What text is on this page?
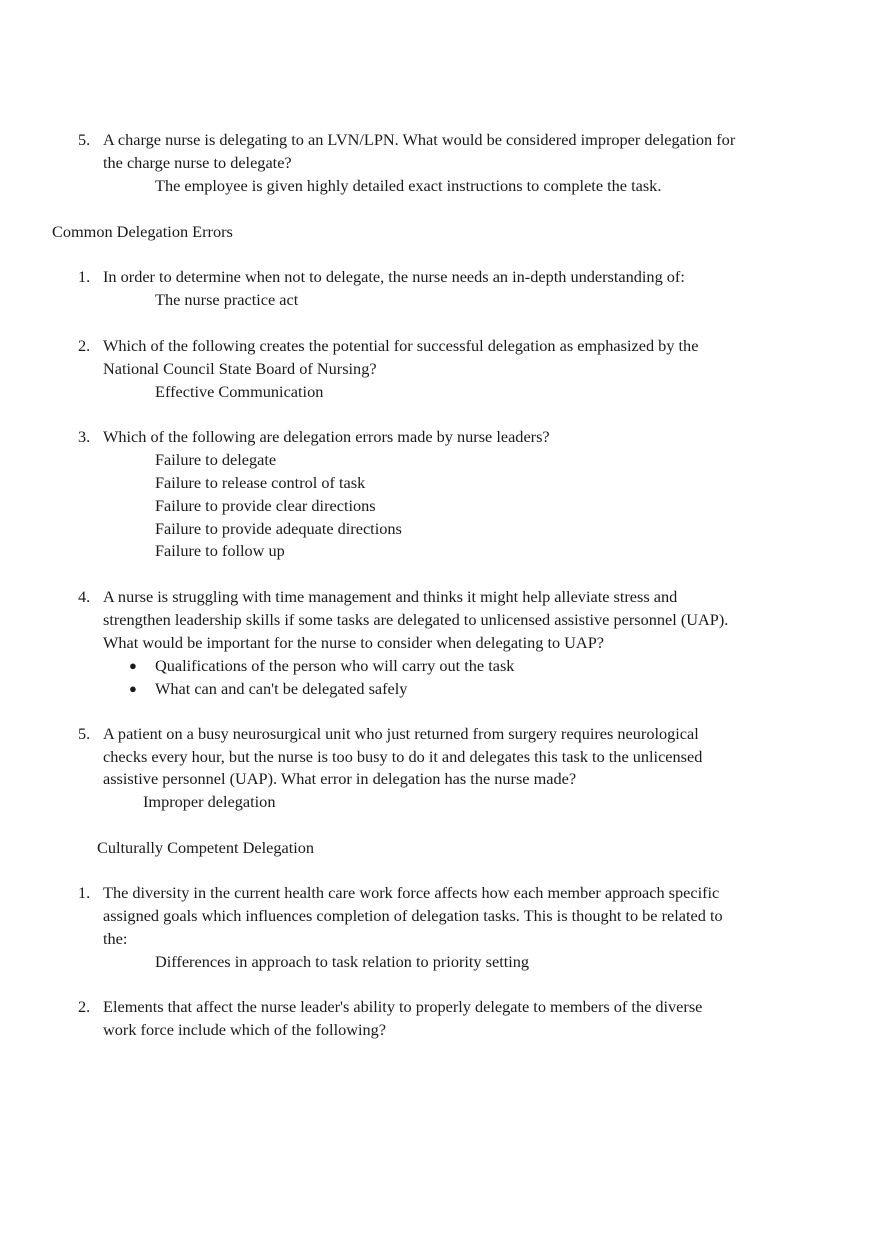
5. A charge nurse is delegating to an LVN/LPN. What would be considered improper delegation for
the charge nurse to delegate?
The employee is given highly detailed exact instructions to complete the task.
Common Delegation Errors
1. In order to determine when not to delegate, the nurse needs an in-depth understanding of:
The nurse practice act
2. Which of the following creates the potential for successful delegation as emphasized by the
National Council State Board of Nursing?
Effective Communication
3. Which of the following are delegation errors made by nurse leaders?
Failure to delegate
Failure to release control of task
Failure to provide clear directions
Failure to provide adequate directions
Failure to follow up
4. A nurse is struggling with time management and thinks it might help alleviate stress and
strengthen leadership skills if some tasks are delegated to unlicensed assistive personnel (UAP).
What would be important for the nurse to consider when delegating to UAP?
● Qualifications of the person who will carry out the task
● What can and can't be delegated safely
5. A patient on a busy neurosurgical unit who just returned from surgery requires neurological
checks every hour, but the nurse is too busy to do it and delegates this task to the unlicensed
assistive personnel (UAP). What error in delegation has the nurse made?
Improper delegation
Culturally Competent Delegation
1. The diversity in the current health care work force affects how each member approach specific
assigned goals which influences completion of delegation tasks. This is thought to be related to
the:
Differences in approach to task relation to priority setting
2. Elements that affect the nurse leader's ability to properly delegate to members of the diverse
work force include which of the following?
